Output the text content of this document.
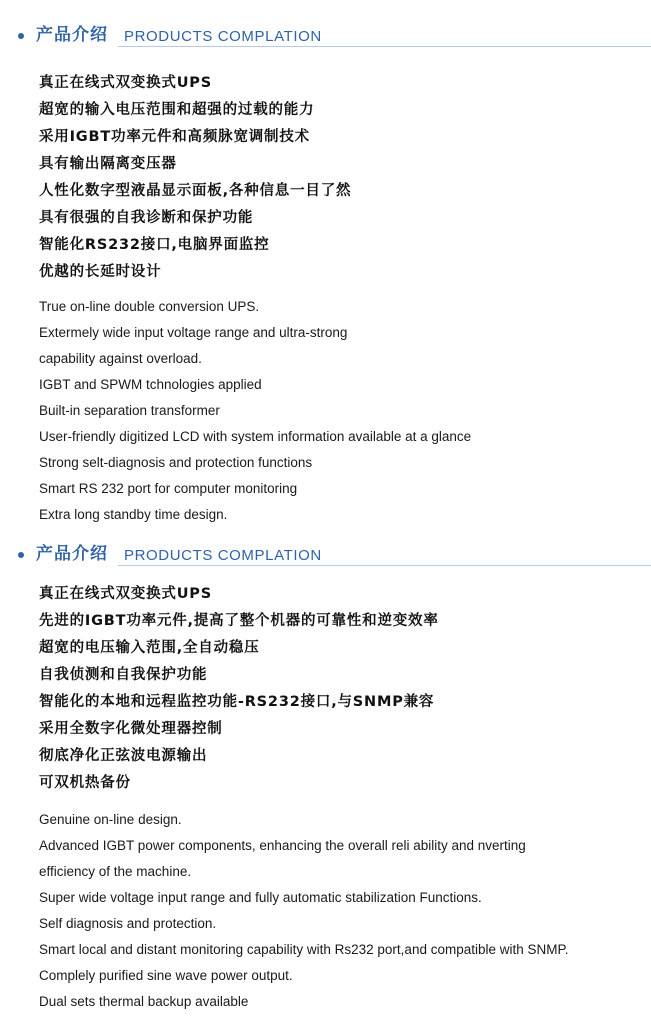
产品介绍 PRODUCTS COMPLATION
真正在线式双变换式UPS
超宽的输入电压范围和超强的过载的能力
采用IGBT功率元件和高频脉宽调制技术
具有输出隔离变压器
人性化数字型液晶显示面板,各种信息一目了然
具有很强的自我诊断和保护功能
智能化RS232接口,电脑界面监控
优越的长延时设计
True on-line double conversion UPS.
Extermely wide input voltage range and ultra-strong
capability against overload.
IGBT and SPWM tchnologies applied
Built-in separation transformer
User-friendly digitized LCD with system information available at a glance
Strong selt-diagnosis and protection functions
Smart RS 232 port for computer monitoring
Extra long standby time design.
产品介绍 PRODUCTS COMPLATION
真正在线式双变换式UPS
先进的IGBT功率元件,提高了整个机器的可靠性和逆变效率
超宽的电压输入范围,全自动稳压
自我侦测和自我保护功能
智能化的本地和远程监控功能-RS232接口,与SNMP兼容
采用全数字化微处理器控制
彻底净化正弦波电源输出
可双机热备份
Genuine on-line design.
Advanced IGBT power components, enhancing the overall reli ability and nverting
efficiency of the machine.
Super wide voltage input range and fully automatic stabilization Functions.
Self diagnosis and protection.
Smart local and distant monitoring capability with Rs232 port,and compatible with SNMP.
Complely purified sine wave power output.
Dual sets thermal backup available
